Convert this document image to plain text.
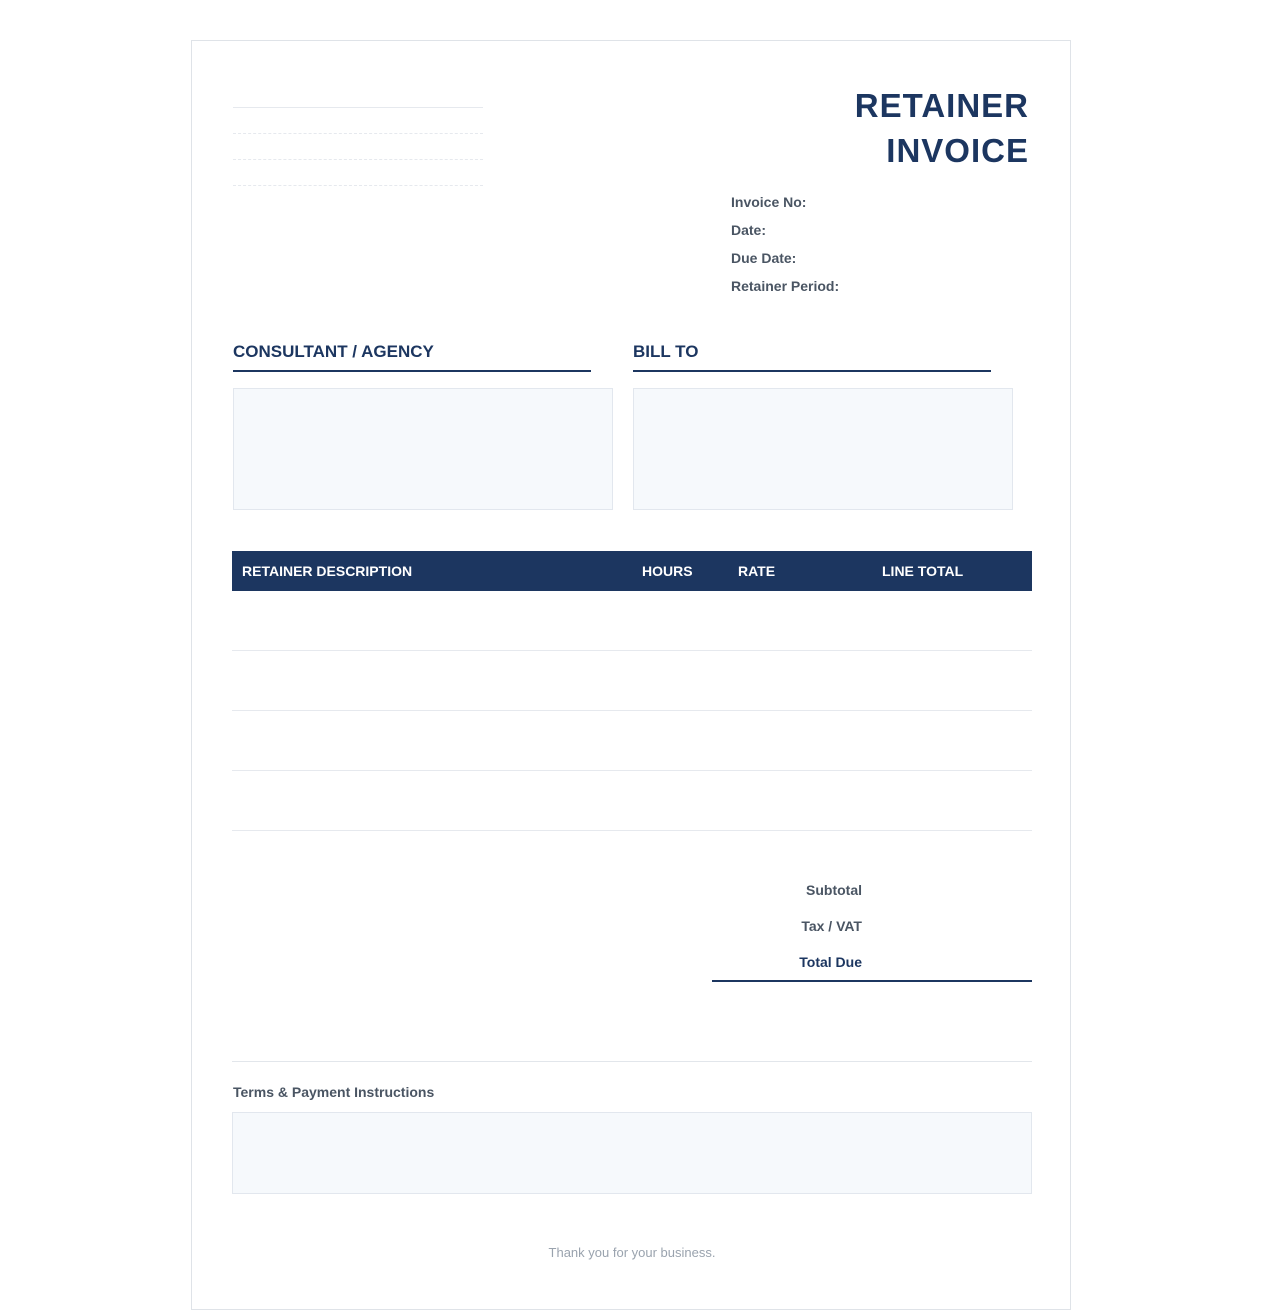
RETAINER
INVOICE
Invoice No:
Date:
Due Date:
Retainer Period:
CONSULTANT / AGENCY	BILL TO
RETAINER DESCRIPTION	HOURS	RATE	LINE TOTAL
Subtotal
Tax / VAT
Total Due
Terms & Payment Instructions
Thank you for your business.
